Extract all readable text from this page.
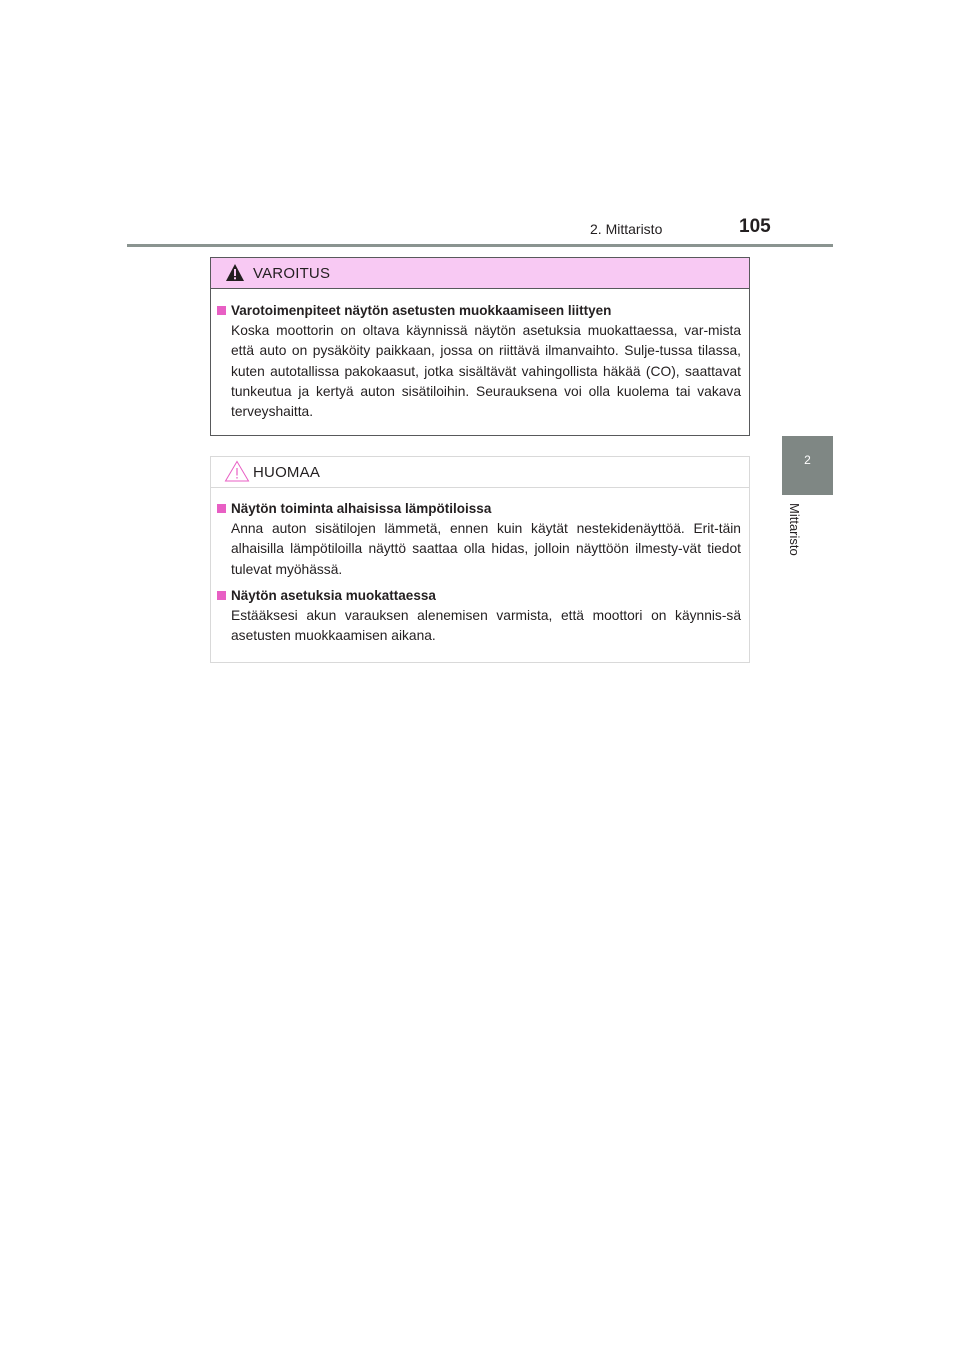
2. Mittaristo	105
2
Mittaristo
VAROITUS
Varotoimenpiteet näytön asetusten muokkaamiseen liittyen
Koska moottorin on oltava käynnissä näytön asetuksia muokattaessa, var-mista että auto on pysäköity paikkaan, jossa on riittävä ilmanvaihto. Sulje-tussa tilassa, kuten autotallissa pakokaasut, jotka sisältävät vahingollista häkää (CO), saattavat tunkeutua ja kertyä auton sisätiloihin. Seurauksena voi olla kuolema tai vakava terveyshaitta.
HUOMAA
Näytön toiminta alhaisissa lämpötiloissa
Anna auton sisätilojen lämmetä, ennen kuin käytät nestekidenäyttöä. Erit-täin alhaisilla lämpötiloilla näyttö saattaa olla hidas, jolloin näyttöön ilmesty-vät tiedot tulevat myöhässä.
Näytön asetuksia muokattaessa
Estääksesi akun varauksen alenemisen varmista, että moottori on käynnis-sä asetusten muokkaamisen aikana.
